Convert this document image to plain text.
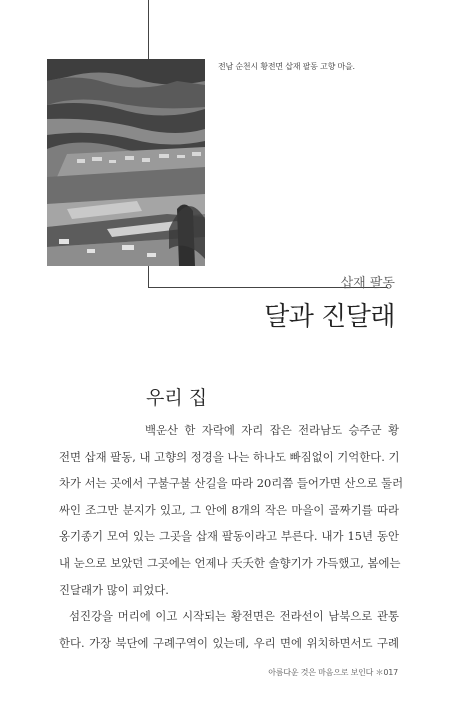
전남 순천시 황전면 삽재 팔동 고향 마을.
삽재 팔동
달과 진달래
우리 집
백운산 한 자락에 자리 잡은 전라남도 승주군 황
전면 삽재 팔동, 내 고향의 정경을 나는 하나도 빠짐없이 기억한다. 기
차가 서는 곳에서 구불구불 산길을 따라 20리쯤 들어가면 산으로 둘러
싸인 조그만 분지가 있고, 그 안에 8개의 작은 마을이 골짜기를 따라
옹기종기 모여 있는 그곳을 삽재 팔동이라고 부른다. 내가 15년 동안
내 눈으로 보았던 그곳에는 언제나 夭夭한 솔향기가 가득했고, 봄에는
진달래가 많이 피었다.
섬진강을 머리에 이고 시작되는 황전면은 전라선이 남북으로 관통
한다. 가장 북단에 구례구역이 있는데, 우리 면에 위치하면서도 구례
아름다운 것은 마음으로 보인다 ＊017
